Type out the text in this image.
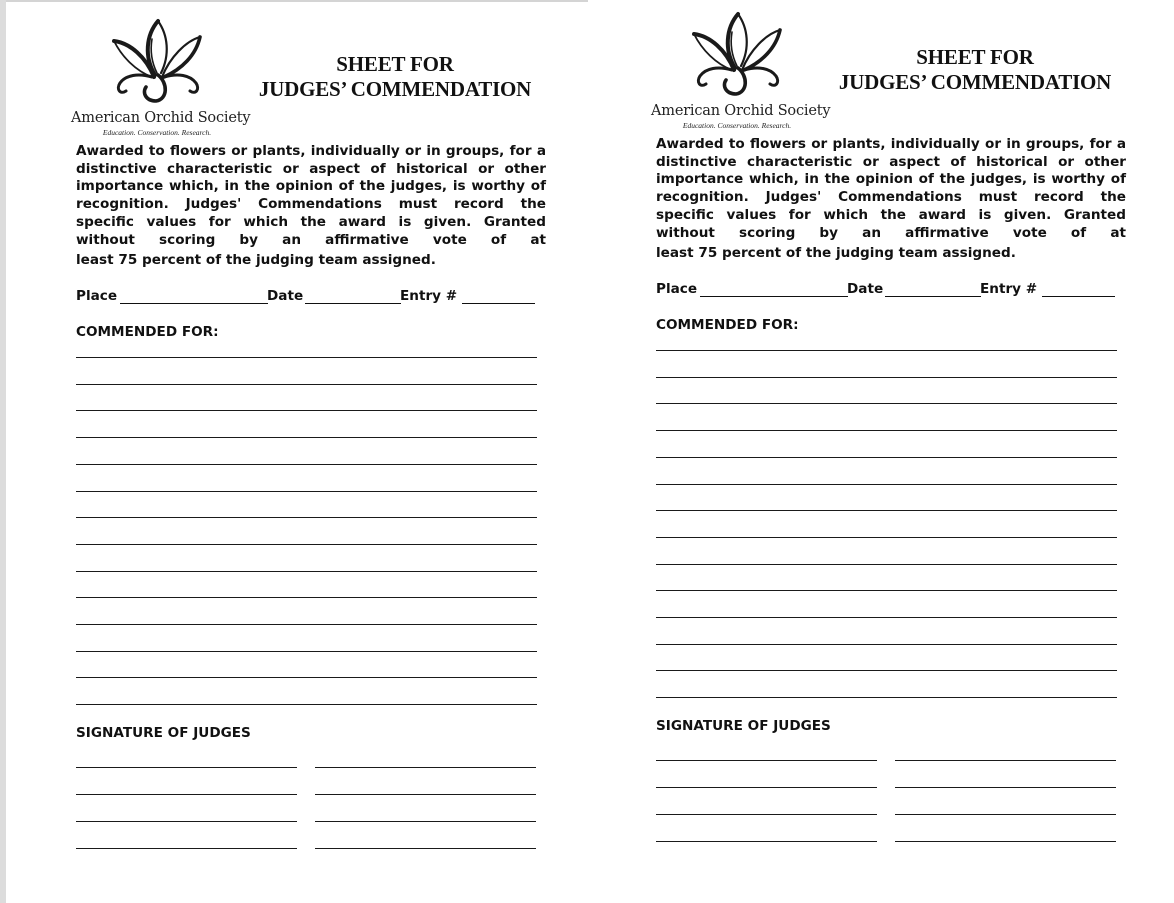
American Orchid Society
Education. Conservation. Research.
SHEET FOR
JUDGES’ COMMENDATION
Awarded to flowers or plants, individually or in groups, for a distinctive characteristic or aspect of historical or other importance which, in the opinion of the judges, is worthy of recognition. Judges' Commendations must record the specific values for which the award is given. Granted without scoring by an affirmative vote of at
least 75 percent of the judging team assigned.
Place	Date	Entry #
COMMENDED FOR:
SIGNATURE OF JUDGES
American Orchid Society
Education. Conservation. Research.
SHEET FOR
JUDGES’ COMMENDATION
Awarded to flowers or plants, individually or in groups, for a distinctive characteristic or aspect of historical or other importance which, in the opinion of the judges, is worthy of recognition. Judges' Commendations must record the specific values for which the award is given. Granted without scoring by an affirmative vote of at
least 75 percent of the judging team assigned.
Place	Date	Entry #
COMMENDED FOR:
SIGNATURE OF JUDGES
